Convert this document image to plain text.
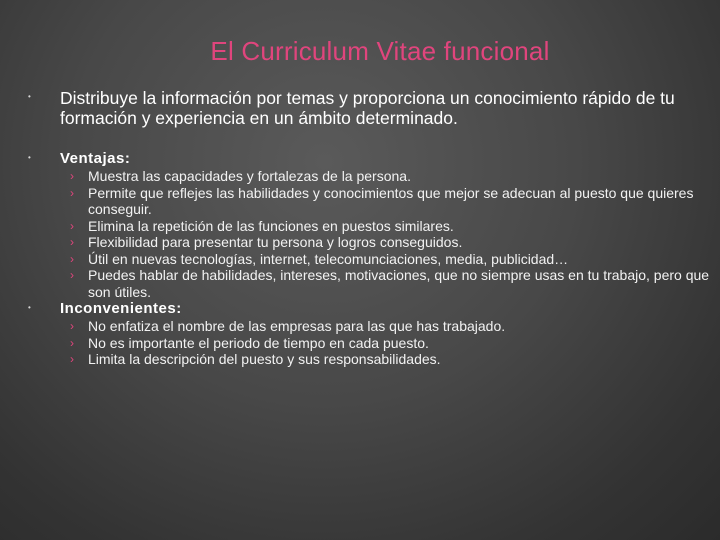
El Curriculum Vitae funcional
• Distribuye la información por temas y proporciona un conocimiento rápido de tu formación y experiencia en un ámbito determinado.
• Ventajas:
› Muestra las capacidades y fortalezas de la persona.
› Permite que reflejes las habilidades y conocimientos que mejor se adecuan al puesto que quieres conseguir.
› Elimina la repetición de las funciones en puestos similares.
› Flexibilidad para presentar tu persona y logros conseguidos.
› Útil en nuevas tecnologías, internet, telecomunciaciones, media, publicidad…
› Puedes hablar de habilidades, intereses, motivaciones, que no siempre usas en tu trabajo, pero que son útiles.
• Inconvenientes:
› No enfatiza el nombre de las empresas para las que has trabajado.
› No es importante el periodo de tiempo en cada puesto.
› Limita la descripción del puesto y sus responsabilidades.
